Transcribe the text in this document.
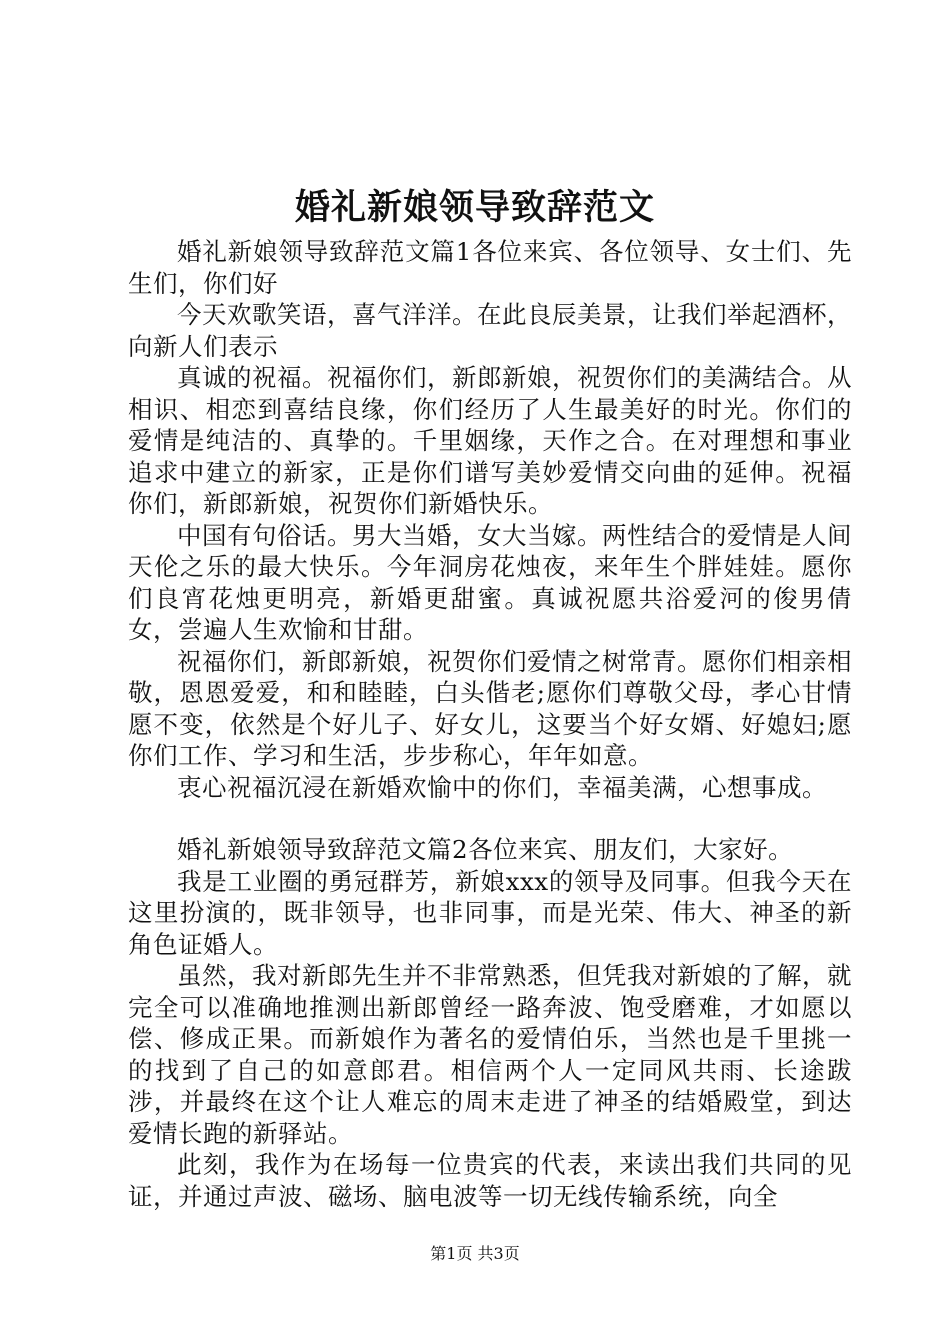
婚礼新娘领导致辞范文

婚礼新娘领导致辞范文篇1各位来宾、各位领导、女士们、先生们，你们好

今天欢歌笑语，喜气洋洋。在此良辰美景，让我们举起酒杯，向新人们表示

真诚的祝福。祝福你们，新郎新娘，祝贺你们的美满结合。从相识、相恋到喜结良缘，你们经历了人生最美好的时光。你们的爱情是纯洁的、真挚的。千里姻缘，天作之合。在对理想和事业追求中建立的新家，正是你们谱写美妙爱情交向曲的延伸。祝福你们，新郎新娘，祝贺你们新婚快乐。

中国有句俗话。男大当婚，女大当嫁。两性结合的爱情是人间天伦之乐的最大快乐。今年洞房花烛夜，来年生个胖娃娃。愿你们良宵花烛更明亮，新婚更甜蜜。真诚祝愿共浴爱河的俊男倩女，尝遍人生欢愉和甘甜。

祝福你们，新郎新娘，祝贺你们爱情之树常青。愿你们相亲相敬，恩恩爱爱，和和睦睦，白头偕老;愿你们尊敬父母，孝心甘情愿不变，依然是个好儿子、好女儿，这要当个好女婿、好媳妇;愿你们工作、学习和生活，步步称心，年年如意。

衷心祝福沉浸在新婚欢愉中的你们，幸福美满，心想事成。

婚礼新娘领导致辞范文篇2各位来宾、朋友们，大家好。

我是工业圈的勇冠群芳，新娘xxx的领导及同事。但我今天在这里扮演的，既非领导，也非同事，而是光荣、伟大、神圣的新角色证婚人。

虽然，我对新郎先生并不非常熟悉，但凭我对新娘的了解，就完全可以准确地推测出新郎曾经一路奔波、饱受磨难，才如愿以偿、修成正果。而新娘作为著名的爱情伯乐，当然也是千里挑一的找到了自己的如意郎君。相信两个人一定同风共雨、长途跋涉，并最终在这个让人难忘的周末走进了神圣的结婚殿堂，到达爱情长跑的新驿站。

此刻，我作为在场每一位贵宾的代表，来读出我们共同的见证，并通过声波、磁场、脑电波等一切无线传输系统，向全

第1页 共3页
